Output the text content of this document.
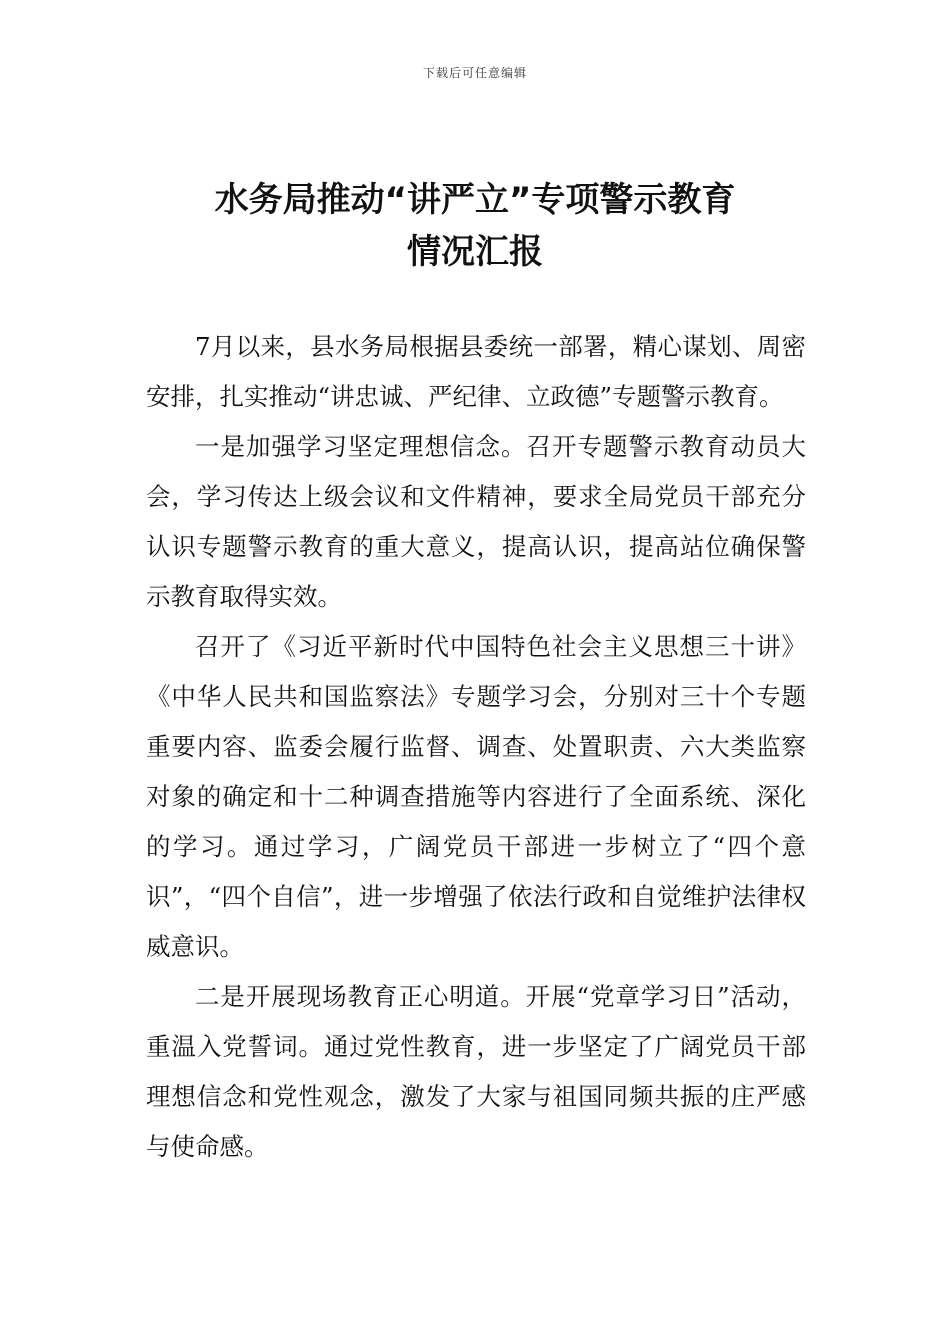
下载后可任意编辑
水务局推动“讲严立”专项警示教育
情况汇报

7月以来，县水务局根据县委统一部署，精心谋划、周密安排，扎实推动“讲忠诚、严纪律、立政德”专题警示教育。

一是加强学习坚定理想信念。召开专题警示教育动员大会，学习传达上级会议和文件精神，要求全局党员干部充分认识专题警示教育的重大意义，提高认识，提高站位确保警示教育取得实效。

召开了《习近平新时代中国特色社会主义思想三十讲》《中华人民共和国监察法》专题学习会，分别对三十个专题重要内容、监委会履行监督、调查、处置职责、六大类监察对象的确定和十二种调查措施等内容进行了全面系统、深化的学习。通过学习，广阔党员干部进一步树立了“四个意识”，“四个自信”，进一步增强了依法行政和自觉维护法律权威意识。

二是开展现场教育正心明道。开展“党章学习日”活动，重温入党誓词。通过党性教育，进一步坚定了广阔党员干部理想信念和党性观念，激发了大家与祖国同频共振的庄严感与使命感。
